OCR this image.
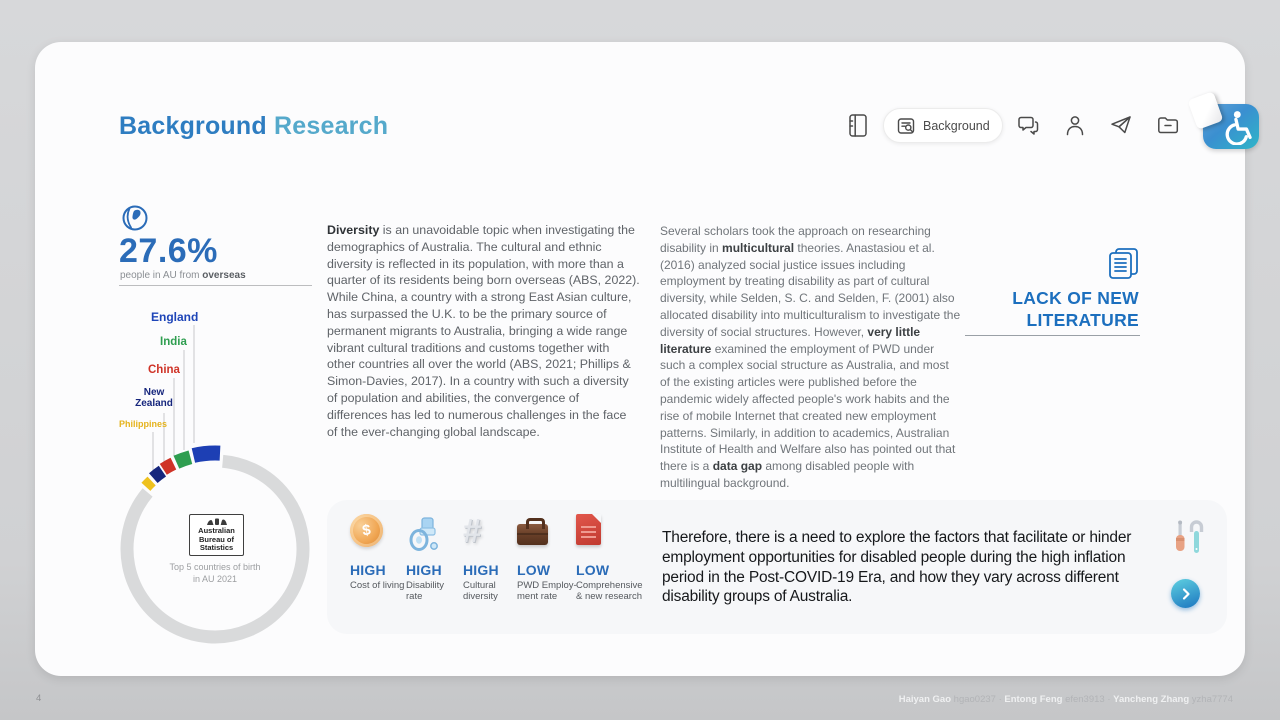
Background Research	Background
27.6%
people in AU from overseas
England
India
China
New Zealand
Philippines
Australian Bureau of Statistics
Top 5 countries of birth in AU 2021
Diversity is an unavoidable topic when investigating the demographics of Australia. The cultural and ethnic diversity is reflected in its population, with more than a quarter of its residents being born overseas (ABS, 2022). While China, a country with a strong East Asian culture, has surpassed the U.K. to be the primary source of permanent migrants to Australia, bringing a wide range vibrant cultural traditions and customs together with other countries all over the world (ABS, 2021; Phillips & Simon-Davies, 2017). In a country with such a diversity of population and abilities, the convergence of differences has led to numerous challenges in the face of the ever-changing global landscape.
Several scholars took the approach on researching disability in multicultural theories. Anastasiou et al. (2016) analyzed social justice issues including employment by treating disability as part of cultural diversity, while Selden, S. C. and Selden, F. (2001) also allocated disability into multiculturalism to investigate the diversity of social structures. However, very little literature examined the employment of PWD under such a complex social structure as Australia, and most of the existing articles were published before the pandemic widely affected people's work habits and the rise of mobile Internet that created new employment patterns. Similarly, in addition to academics, Australian Institute of Health and Welfare also has pointed out that there is a data gap among disabled people with multilingual background.
LACK OF NEW
LITERATURE
$
HIGH
Cost of living
HIGH
Disability rate
#
HIGH
Cultural diversity
LOW
PWD Employ-ment rate
LOW
Comprehensive & new research
Therefore, there is a need to explore the factors that facilitate or hinder employment opportunities for disabled people during the high inflation period in the Post-COVID-19 Era, and how they vary across different disability groups of Australia.
4	Haiyan Gao hgao0237 · Entong Feng efen3913 · Yancheng Zhang yzha7774
